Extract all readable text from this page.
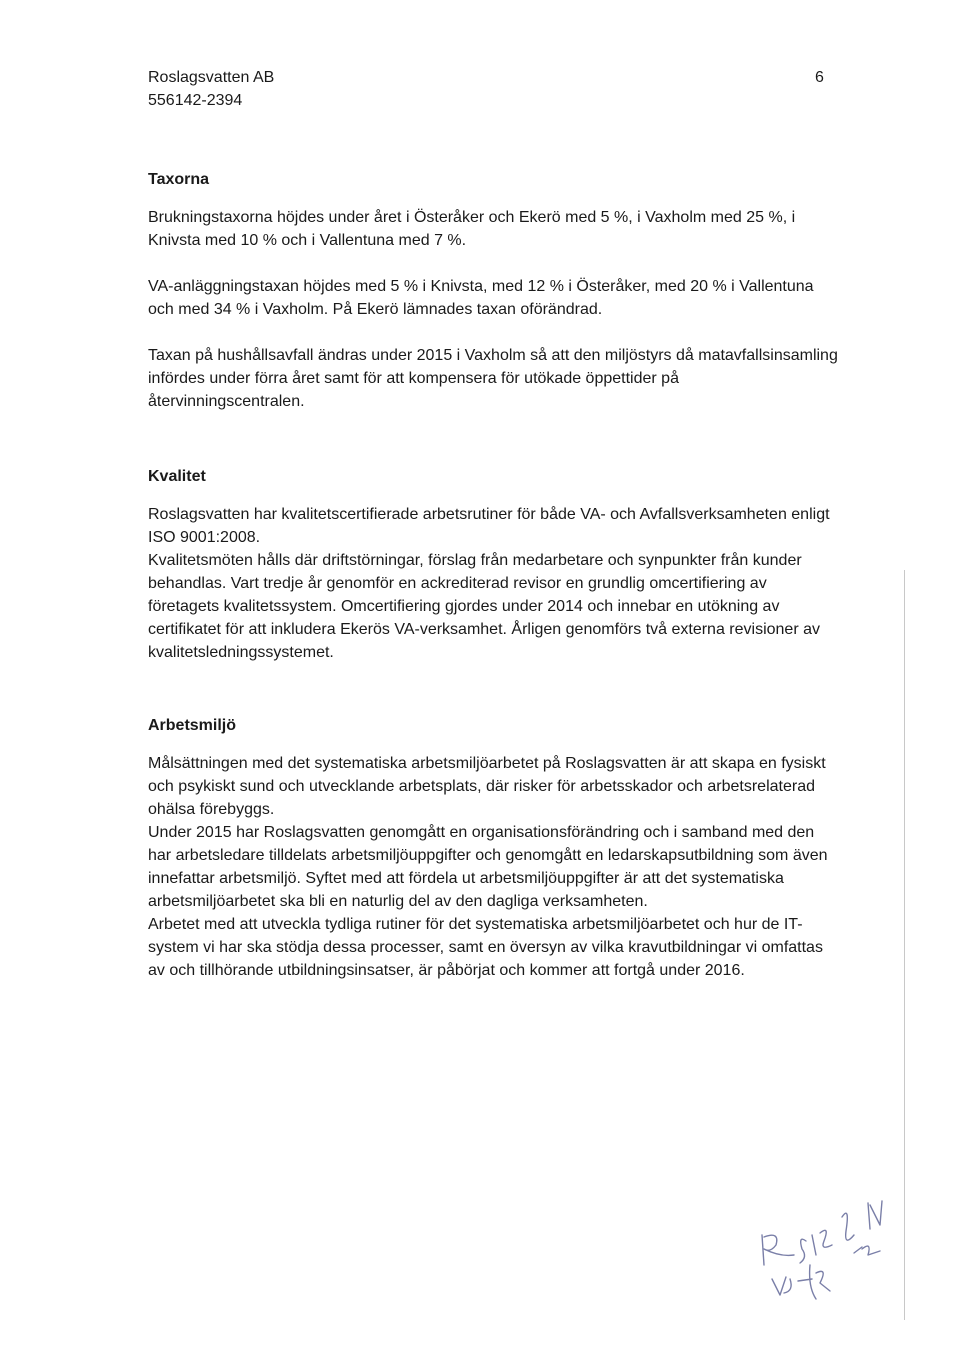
Roslagsvatten AB
556142-2394
6
Taxorna

Brukningstaxorna höjdes under året i Österåker och Ekerö med 5 %, i Vaxholm med 25 %, i Knivsta med 10 % och i Vallentuna med 7 %.

VA-anläggningstaxan höjdes med 5 % i Knivsta, med 12 % i Österåker, med 20 % i Vallentuna och med 34 % i Vaxholm. På Ekerö lämnades taxan oförändrad.

Taxan på hushållsavfall ändras under 2015 i Vaxholm så att den miljöstyrs då matavfallsinsamling infördes under förra året samt för att kompensera för utökade öppettider på återvinningscentralen.

Kvalitet

Roslagsvatten har kvalitetscertifierade arbetsrutiner för både VA- och Avfallsverksamheten enligt ISO 9001:2008.

Kvalitetsmöten hålls där driftstörningar, förslag från medarbetare och synpunkter från kunder behandlas. Vart tredje år genomför en ackrediterad revisor en grundlig omcertifiering av företagets kvalitetssystem. Omcertifiering gjordes under 2014 och innebar en utökning av certifikatet för att inkludera Ekerös VA-verksamhet. Årligen genomförs två externa revisioner av kvalitetsledningssystemet.

Arbetsmiljö

Målsättningen med det systematiska arbetsmiljöarbetet på Roslagsvatten är att skapa en fysiskt och psykiskt sund och utvecklande arbetsplats, där risker för arbetsskador och arbetsrelaterad ohälsa förebyggs.

Under 2015 har Roslagsvatten genomgått en organisationsförändring och i samband med den har arbetsledare tilldelats arbetsmiljöuppgifter och genomgått en ledarskapsutbildning som även innefattar arbetsmiljö. Syftet med att fördela ut arbetsmiljöuppgifter är att det systematiska arbetsmiljöarbetet ska bli en naturlig del av den dagliga verksamheten.

Arbetet med att utveckla tydliga rutiner för det systematiska arbetsmiljöarbetet och hur de IT-system vi har ska stödja dessa processer, samt en översyn av vilka kravutbildningar vi omfattas av och tillhörande utbildningsinsatser, är påbörjat och kommer att fortgå under 2016.
